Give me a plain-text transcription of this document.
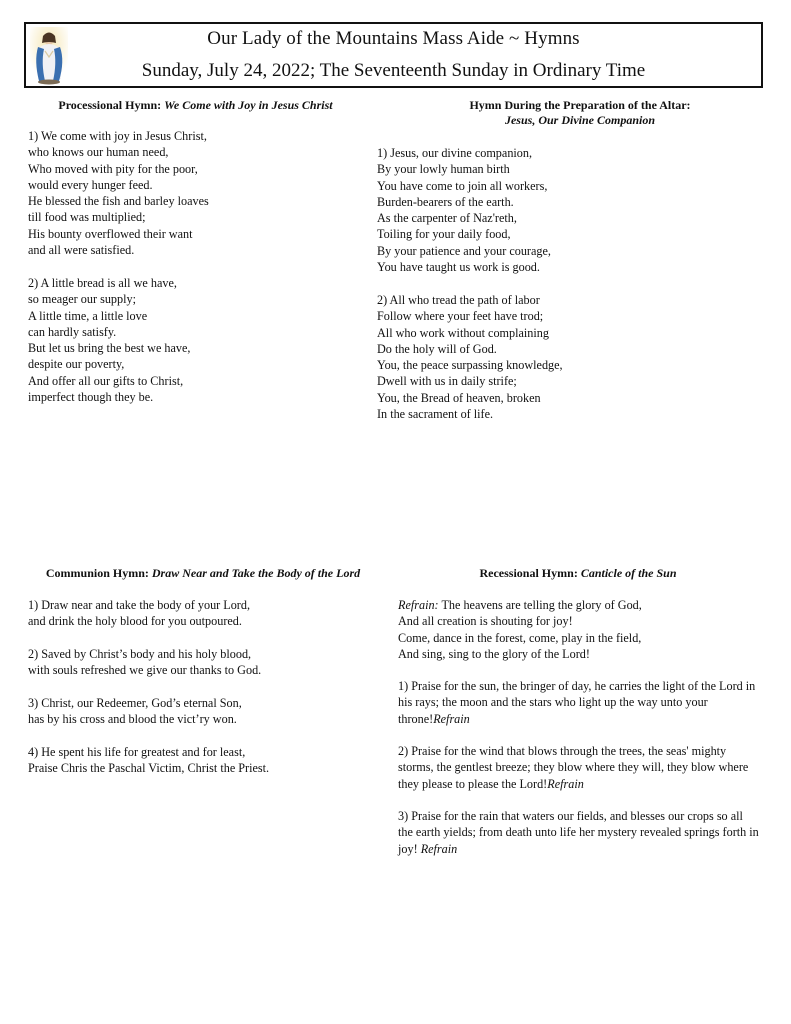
Our Lady of the Mountains Mass Aide ~ Hymns
Sunday, July 24, 2022; The Seventeenth Sunday in Ordinary Time
Processional Hymn: We Come with Joy in Jesus Christ
1) We come with joy in Jesus Christ,
who knows our human need,
Who moved with pity for the poor,
would every hunger feed.
He blessed the fish and barley loaves
till food was multiplied;
His bounty overflowed their want
and all were satisfied.
2) A little bread is all we have,
so meager our supply;
A little time, a little love
can hardly satisfy.
But let us bring the best we have,
despite our poverty,
And offer all our gifts to Christ,
imperfect though they be.
Hymn During the Preparation of the Altar:
Jesus, Our Divine Companion
1) Jesus, our divine companion,
By your lowly human birth
You have come to join all workers,
Burden-bearers of the earth.
As the carpenter of Naz'reth,
Toiling for your daily food,
By your patience and your courage,
You have taught us work is good.
2) All who tread the path of labor
Follow where your feet have trod;
All who work without complaining
Do the holy will of God.
You, the peace surpassing knowledge,
Dwell with us in daily strife;
You, the Bread of heaven, broken
In the sacrament of life.
Communion Hymn: Draw Near and Take the Body of the Lord
1) Draw near and take the body of your Lord,
and drink the holy blood for you outpoured.
2) Saved by Christ’s body and his holy blood,
with souls refreshed we give our thanks to God.
3) Christ, our Redeemer, God’s eternal Son,
has by his cross and blood the vict’ry won.
4) He spent his life for greatest and for least,
Praise Chris the Paschal Victim, Christ the Priest.
Recessional Hymn: Canticle of the Sun
Refrain: The heavens are telling the glory of God,
And all creation is shouting for joy!
Come, dance in the forest, come, play in the field,
And sing, sing to the glory of the Lord!
1) Praise for the sun, the bringer of day, he carries the light of the Lord in his rays; the moon and the stars who light up the way unto your throne!Refrain
2) Praise for the wind that blows through the trees, the seas' mighty storms, the gentlest breeze; they blow where they will, they blow where they please to please the Lord!Refrain
3) Praise for the rain that waters our fields, and blesses our crops so all the earth yields; from death unto life her mystery revealed springs forth in joy! Refrain
